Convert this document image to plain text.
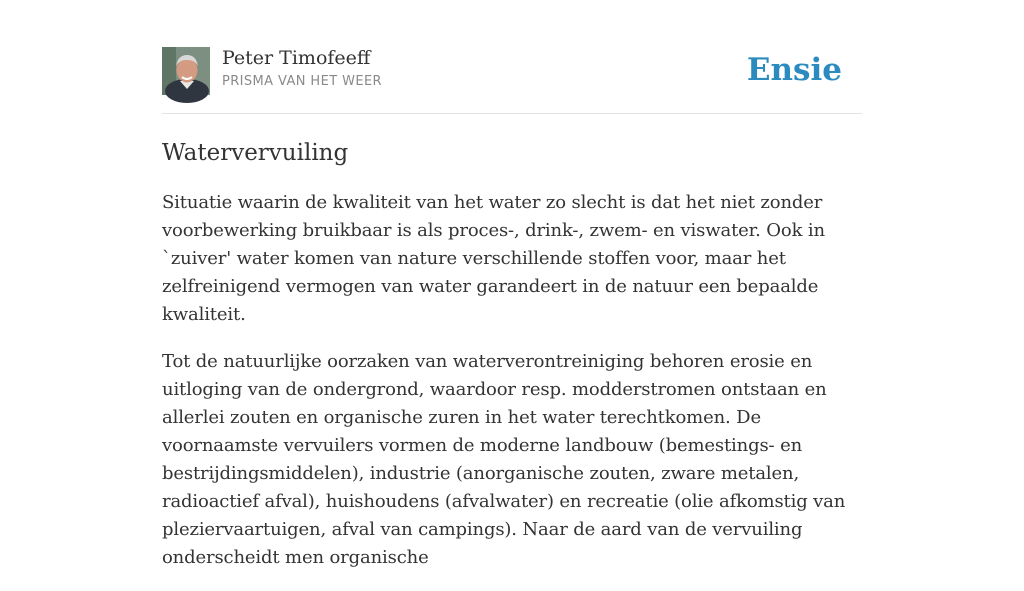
Peter Timofeeff
PRISMA VAN HET WEER	Ensie
Watervervuiling

Situatie waarin de kwaliteit van het water zo slecht is dat het niet zonder voorbewerking bruikbaar is als proces-, drink-, zwem- en viswater. Ook in `zuiver' water komen van nature verschillende stoffen voor, maar het zelfreinigend vermogen van water garandeert in de natuur een bepaalde kwaliteit.

Tot de natuurlijke oorzaken van waterverontreiniging behoren erosie en uitloging van de ondergrond, waardoor resp. modderstromen ontstaan en allerlei zouten en organische zuren in het water terechtkomen. De voornaamste vervuilers vormen de moderne landbouw (bemestings- en bestrijdingsmiddelen), industrie (anorganische zouten, zware metalen, radioactief afval), huishoudens (afvalwater) en recreatie (olie afkomstig van pleziervaartuigen, afval van campings). Naar de aard van de vervuiling onderscheidt men organische
